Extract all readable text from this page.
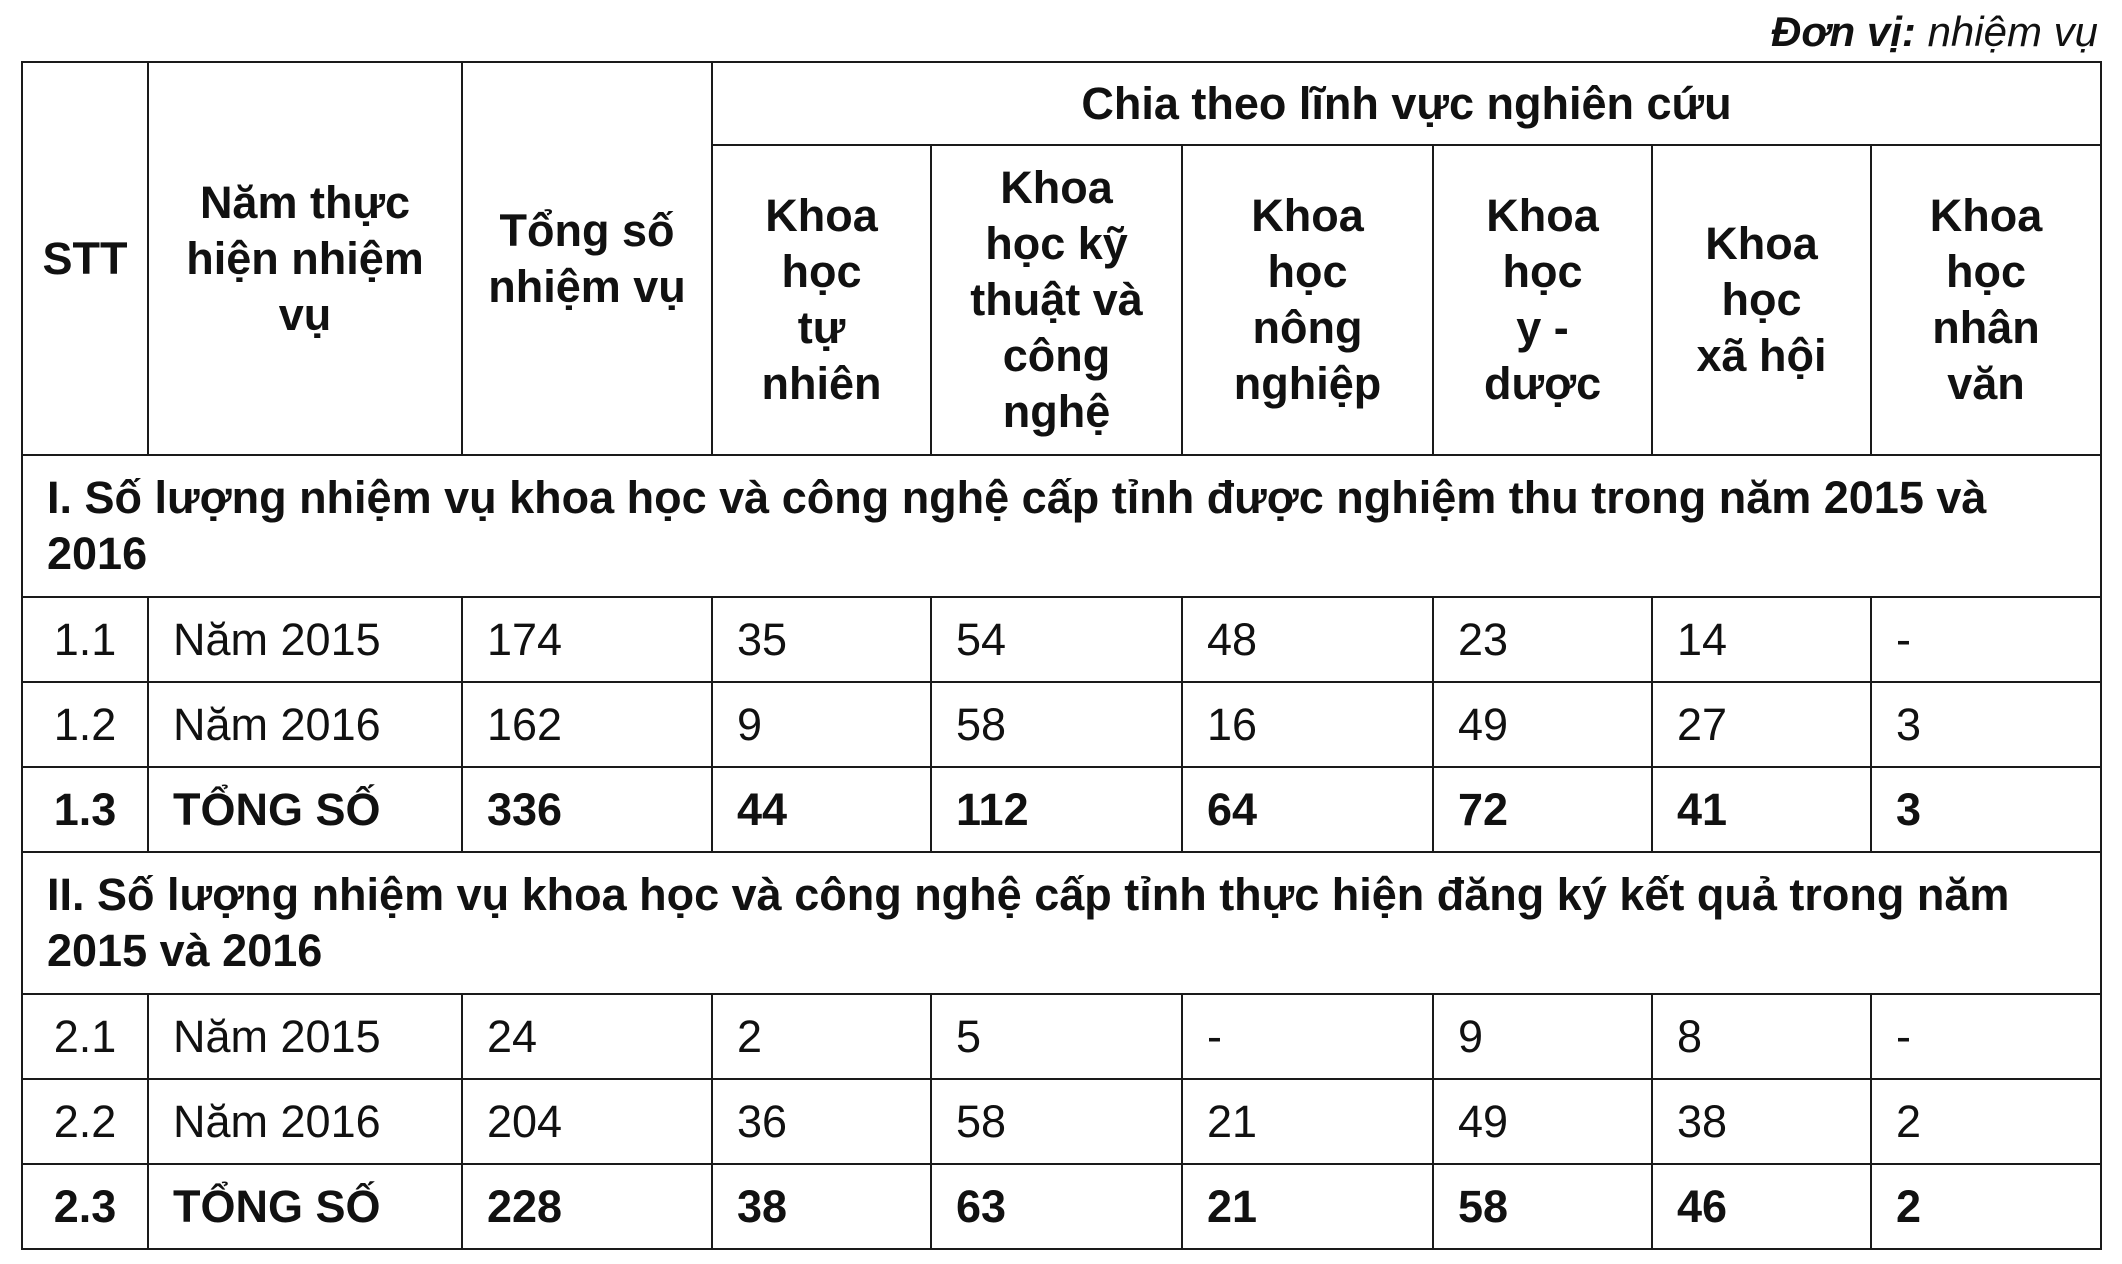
Đơn vị: nhiệm vụ
STT	Năm thực hiện nhiệm vụ	Tổng số nhiệm vụ	Chia theo lĩnh vực nghiên cứu					
			Khoa học tự nhiên	Khoa học kỹ thuật và công nghệ	Khoa học nông nghiệp	Khoa học y - dược	Khoa học xã hội	Khoa học nhân văn
I. Số lượng nhiệm vụ khoa học và công nghệ cấp tỉnh được nghiệm thu trong năm 2015 và 2016								
1.1	Năm 2015	174	35	54	48	23	14	-
1.2	Năm 2016	162	9	58	16	49	27	3
1.3	TỔNG SỐ	336	44	112	64	72	41	3
II. Số lượng nhiệm vụ khoa học và công nghệ cấp tỉnh thực hiện đăng ký kết quả trong năm 2015 và 2016								
2.1	Năm 2015	24	2	5	-	9	8	-
2.2	Năm 2016	204	36	58	21	49	38	2
2.3	TỔNG SỐ	228	38	63	21	58	46	2
